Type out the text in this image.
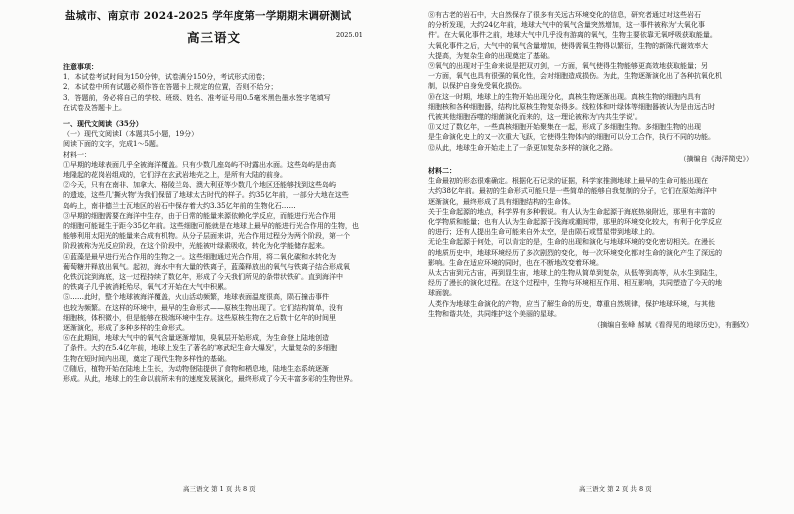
盐城市、南京市 2024-2025 学年度第一学期期末调研测试
高三语文	2025.01
注意事项：
1．本试卷考试时间为150分钟，试卷满分150分，考试形式闭卷；
2．本试卷中所有试题必须作答在答题卡上规定的位置，否则不给分；
3．答题前，务必将自己的学校、班级、姓名、准考证号用0.5毫米黑色墨水签字笔填写
在试卷及答题卡上。
一、现代文阅读（35分）
（一）现代文阅读Ⅰ（本题共5小题，19分）
阅读下面的文字，完成1～5题。
材料一：
①早期的地球表面几乎全被海洋覆盖。只有少数几座岛屿不时露出水面。这些岛屿是由高
地隆起的花岗岩组成的，它们浮在玄武岩地壳之上，是所有大陆的前身。
②今天，只有在南非、加拿大、格陵兰岛、澳大利亚等少数几个地区还能够找到这些岛屿
的遗迹，这些几'撕火物'为我们保留了地球太古时代的样子。约35亿年前，一部分大地在这些
岛屿上，南非德兰士瓦地区的岩石中保存着大约3.35亿年前的生物化石……
③早期的细胞需要在海洋中生存，由于日常的能量来源依赖化学反应，而能进行光合作用
的细胞可能诞生于距今35亿年前。这些细胞可能就是在地球上最早的能进行光合作用的生物，也
能够利用太阳光的能量来合成有机物。从分子层面来讲，光合作用过程分为两个阶段，第一个
阶段被称为光反应阶段，在这个阶段中，光能被叶绿素吸收，转化为化学能储存起来。
④蓝藻是最早进行光合作用的生物之一。这些细胞通过光合作用，将二氧化碳和水转化为
葡萄糖并释放出氧气。起初，海水中有大量的铁离子，蓝藻释放出的氧气与铁离子结合形成氧
化铁沉淀到海底，这一过程持续了数亿年，形成了今天我们所见的条带状铁矿。直到海洋中
的铁离子几乎被消耗殆尽，氧气才开始在大气中积累。
⑤……此时，整个地球被海洋覆盖，火山活动频繁，地球表面温度很高，陨石撞击事件
也较为频繁。在这样的环境中，最早的生命形式——原核生物出现了。它们结构简单，没有
细胞核，体积微小，但是能够在极端环境中生存。这些原核生物在之后数十亿年的时间里
逐渐演化，形成了多种多样的生命形式。
⑥在此期间，地球大气中的氧气含量逐渐增加，臭氧层开始形成，为生命登上陆地创造
了条件。大约在5.4亿年前，地球上发生了著名的'寒武纪生命大爆发'，大量复杂的多细胞
生物在短时间内出现，奠定了现代生物多样性的基础。
⑦随后，植物开始在陆地上生长，为动物登陆提供了食物和栖息地，陆地生态系统逐渐
形成。从此，地球上的生命以前所未有的速度发展演化，最终形成了今天丰富多彩的生物世界。
⑧有古老的岩石中，大自然保存了很多有关远古环境变化的信息，研究者通过对这些岩石
的分析发现，大约24亿年前，地球大气中的氧气含量突然增加，这一事件被称为'大氧化事
件'。在大氧化事件之前，地球大气中几乎没有游离的氧气，生物主要依靠无氧呼吸获取能量。
大氧化事件之后，大气中的氧气含量增加，使得需氧生物得以繁衍，生物的新陈代谢效率大
大提高，为复杂生命的出现奠定了基础。
⑨氧气的出现对于生命来说是把双刃剑，一方面，氧气使得生物能够更高效地获取能量；另
一方面，氧气也具有很强的氧化性，会对细胞造成损伤。为此，生物逐渐演化出了各种抗氧化机
制，以保护自身免受氧化损伤。
⑩在这一时期，地球上的生物开始出现分化，真核生物逐渐出现。真核生物的细胞内具有
细胞核和各种细胞器，结构比原核生物复杂得多。线粒体和叶绿体等细胞器被认为是由远古时
代被其他细胞吞噬的细菌演化而来的，这一理论被称为'内共生学说'。
⑪又过了数亿年，一些真核细胞开始聚集在一起，形成了多细胞生物。多细胞生物的出现
是生命演化史上的又一次重大飞跃，它使得生物体内的细胞可以分工合作，执行不同的功能。
⑫从此，地球生命开始走上了一条更加复杂多样的演化之路。
（摘编自《海洋简史》）
材料二：
生命最初的形态很难确定。根据化石记录的证据，科学家推测地球上最早的生命可能出现在
大约38亿年前。最初的生命形式可能只是一些简单的能够自我复制的分子，它们在原始海洋中
逐渐演化，最终形成了具有细胞结构的生命体。
关于生命起源的地点，科学界有多种假说。有人认为生命起源于海底热泉附近，那里有丰富的
化学物质和能量；也有人认为生命起源于浅海或潮间带，那里的环境变化较大，有利于化学反应
的进行；还有人提出生命可能来自外太空，是由陨石或彗星带到地球上的。
无论生命起源于何处，可以肯定的是，生命的出现和演化与地球环境的变化密切相关。在漫长
的地质历史中，地球环境经历了多次剧烈的变化，每一次环境变化都对生命的演化产生了深远的
影响。生命在适应环境的同时，也在不断地改变着环境。
从太古宙到元古宙，再到显生宙，地球上的生物从简单到复杂，从低等到高等，从水生到陆生，
经历了漫长的演化过程。在这个过程中，生物与环境相互作用、相互影响，共同塑造了今天的地
球面貌。
人类作为地球生命演化的产物，应当了解生命的历史，尊重自然规律，保护地球环境，与其他
生物和谐共处，共同维护这个美丽的星球。
（摘编自张峰 郝斌《看得见的地球历史》，有删改）
高三语文 第 1 页 共 8 页	高三语文 第 2 页 共 8 页
